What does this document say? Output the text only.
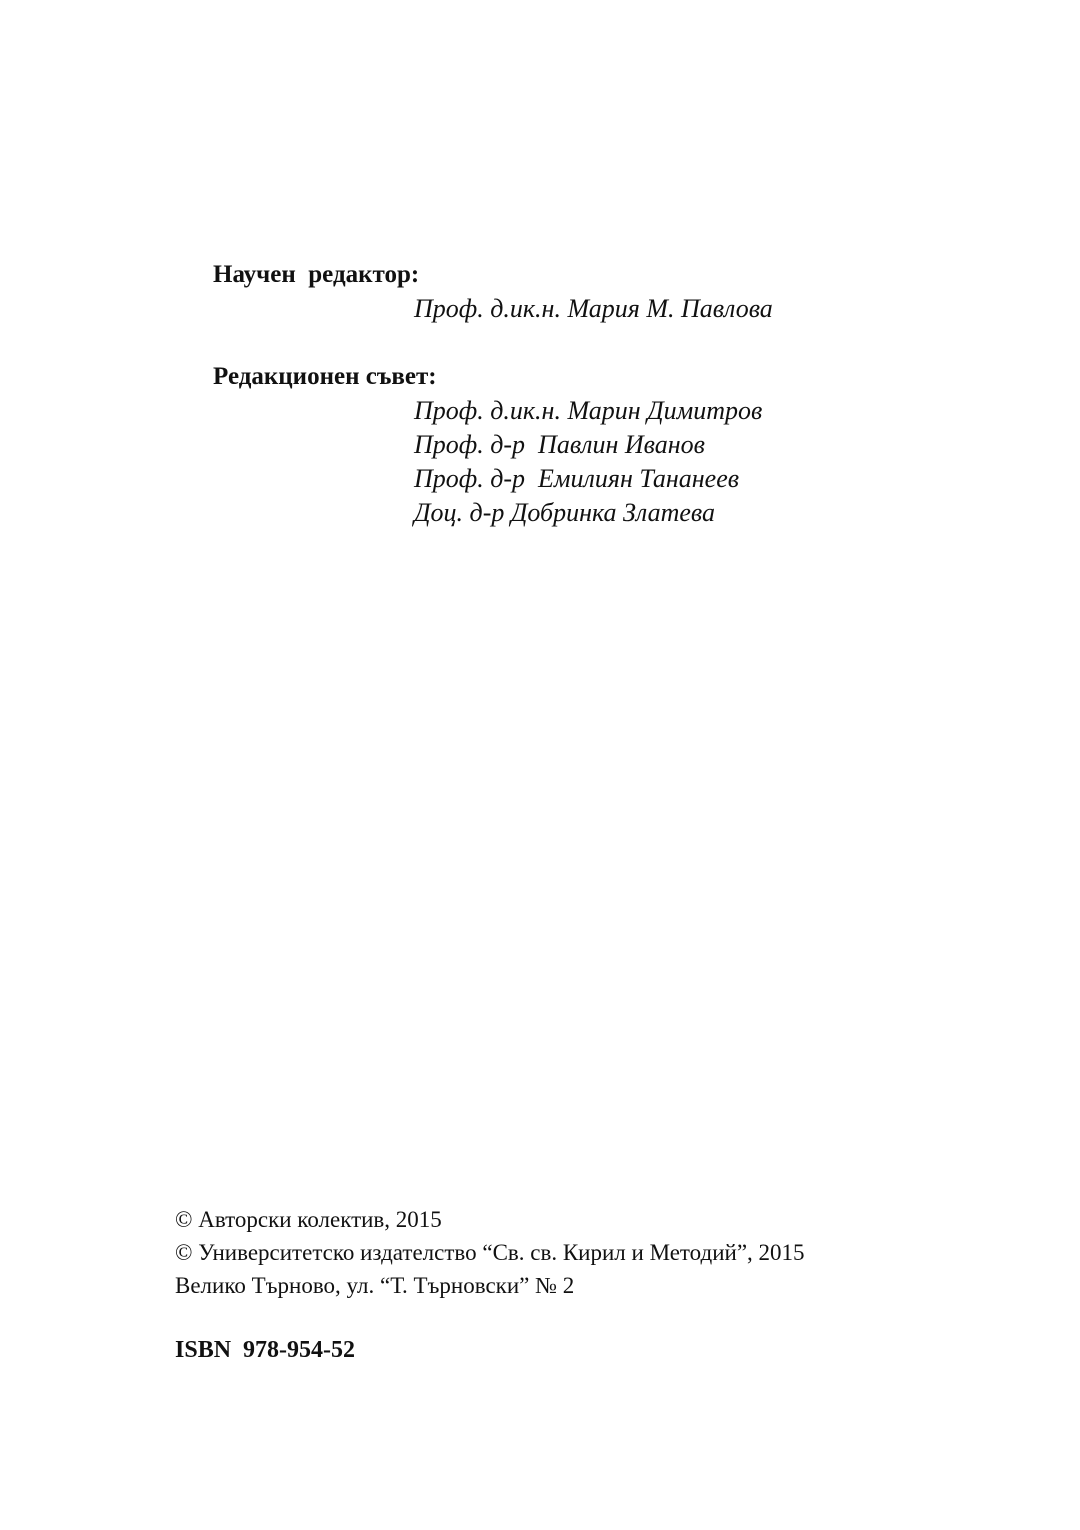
Научен  редактор:
Проф. д.ик.н. Мария М. Павлова
Редакционен съвет:
Проф. д.ик.н. Марин Димитров
Проф. д-р  Павлин Иванов
Проф. д-р  Емилиян Тананеев
Доц. д-р Добринка Златева
© Авторски колектив, 2015
© Университетско издателство “Св. св. Кирил и Методий”, 2015
Велико Търново, ул. “Т. Търновски” № 2
ISBN  978-954-52
